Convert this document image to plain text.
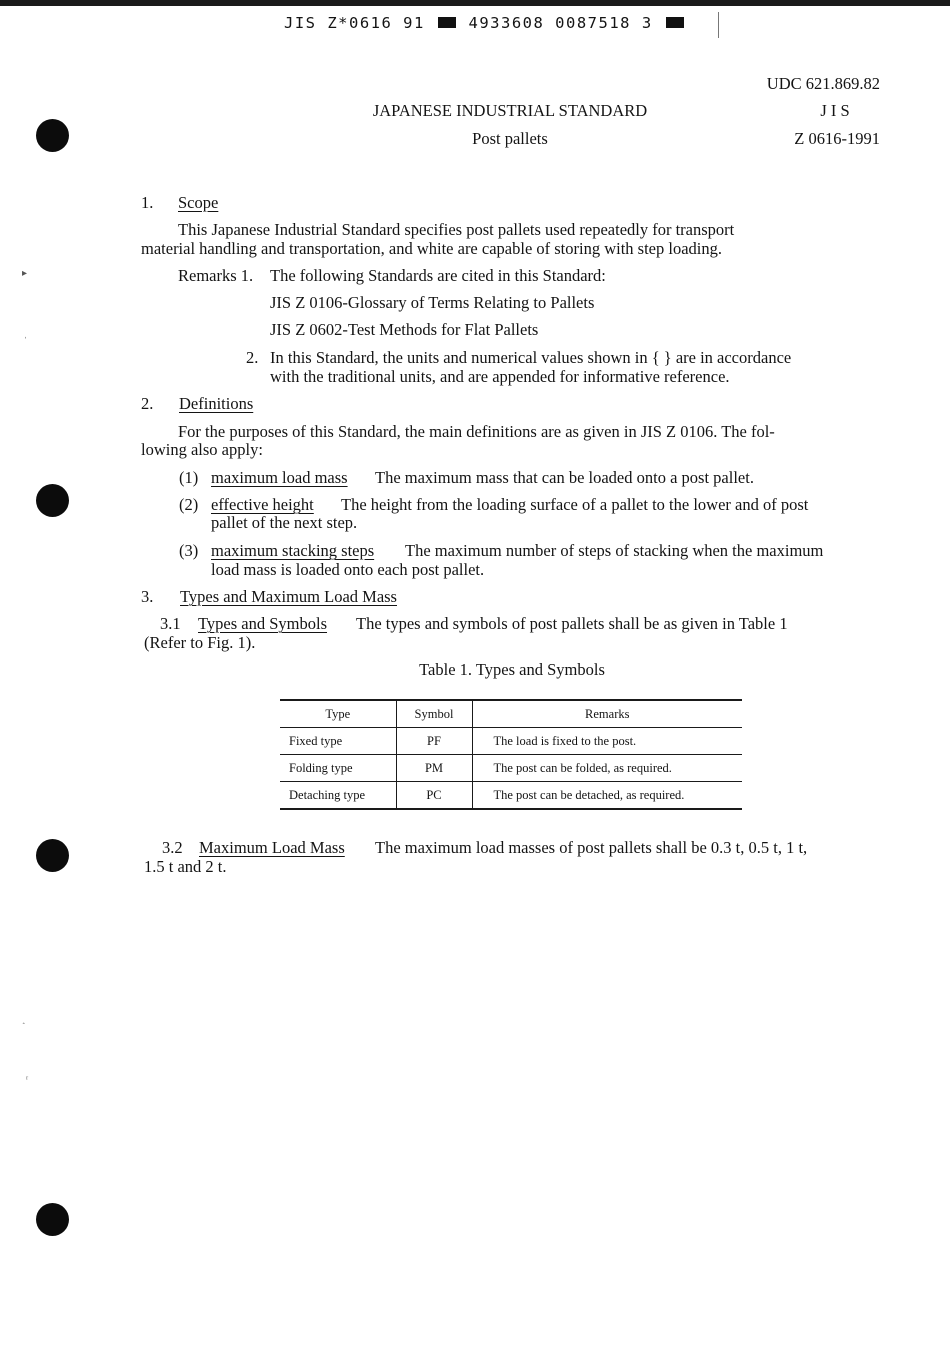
JIS Z*0616 91	4933608 0087518 3
UDC 621.869.82
J I S
Z 0616-1991
JAPANESE INDUSTRIAL STANDARD
Post pallets
1. Scope
This Japanese Industrial Standard specifies post pallets used repeatedly for transport
material handling and transportation, and white are capable of storing with step loading.
Remarks 1. The following Standards are cited in this Standard:
JIS Z 0106-Glossary of Terms Relating to Pallets
JIS Z 0602-Test Methods for Flat Pallets
2. In this Standard, the units and numerical values shown in { } are in accordance
with the traditional units, and are appended for informative reference.
2. Definitions
For the purposes of this Standard, the main definitions are as given in JIS Z 0106. The fol-
lowing also apply:
(1) maximum load mass The maximum mass that can be loaded onto a post pallet.
(2) effective height The height from the loading surface of a pallet to the lower and of post
pallet of the next step.
(3) maximum stacking steps The maximum number of steps of stacking when the maximum
load mass is loaded onto each post pallet.
3. Types and Maximum Load Mass
3.1 Types and Symbols The types and symbols of post pallets shall be as given in Table 1
(Refer to Fig. 1).
Table 1. Types and Symbols
Type	Symbol	Remarks
Fixed type	PF	The load is fixed to the post.
Folding type	PM	The post can be folded, as required.
Detaching type	PC	The post can be detached, as required.
3.2 Maximum Load Mass The maximum load masses of post pallets shall be 0.3 t, 0.5 t, 1 t,
1.5 t and 2 t.
▸
ˌ
˰
ʳ
